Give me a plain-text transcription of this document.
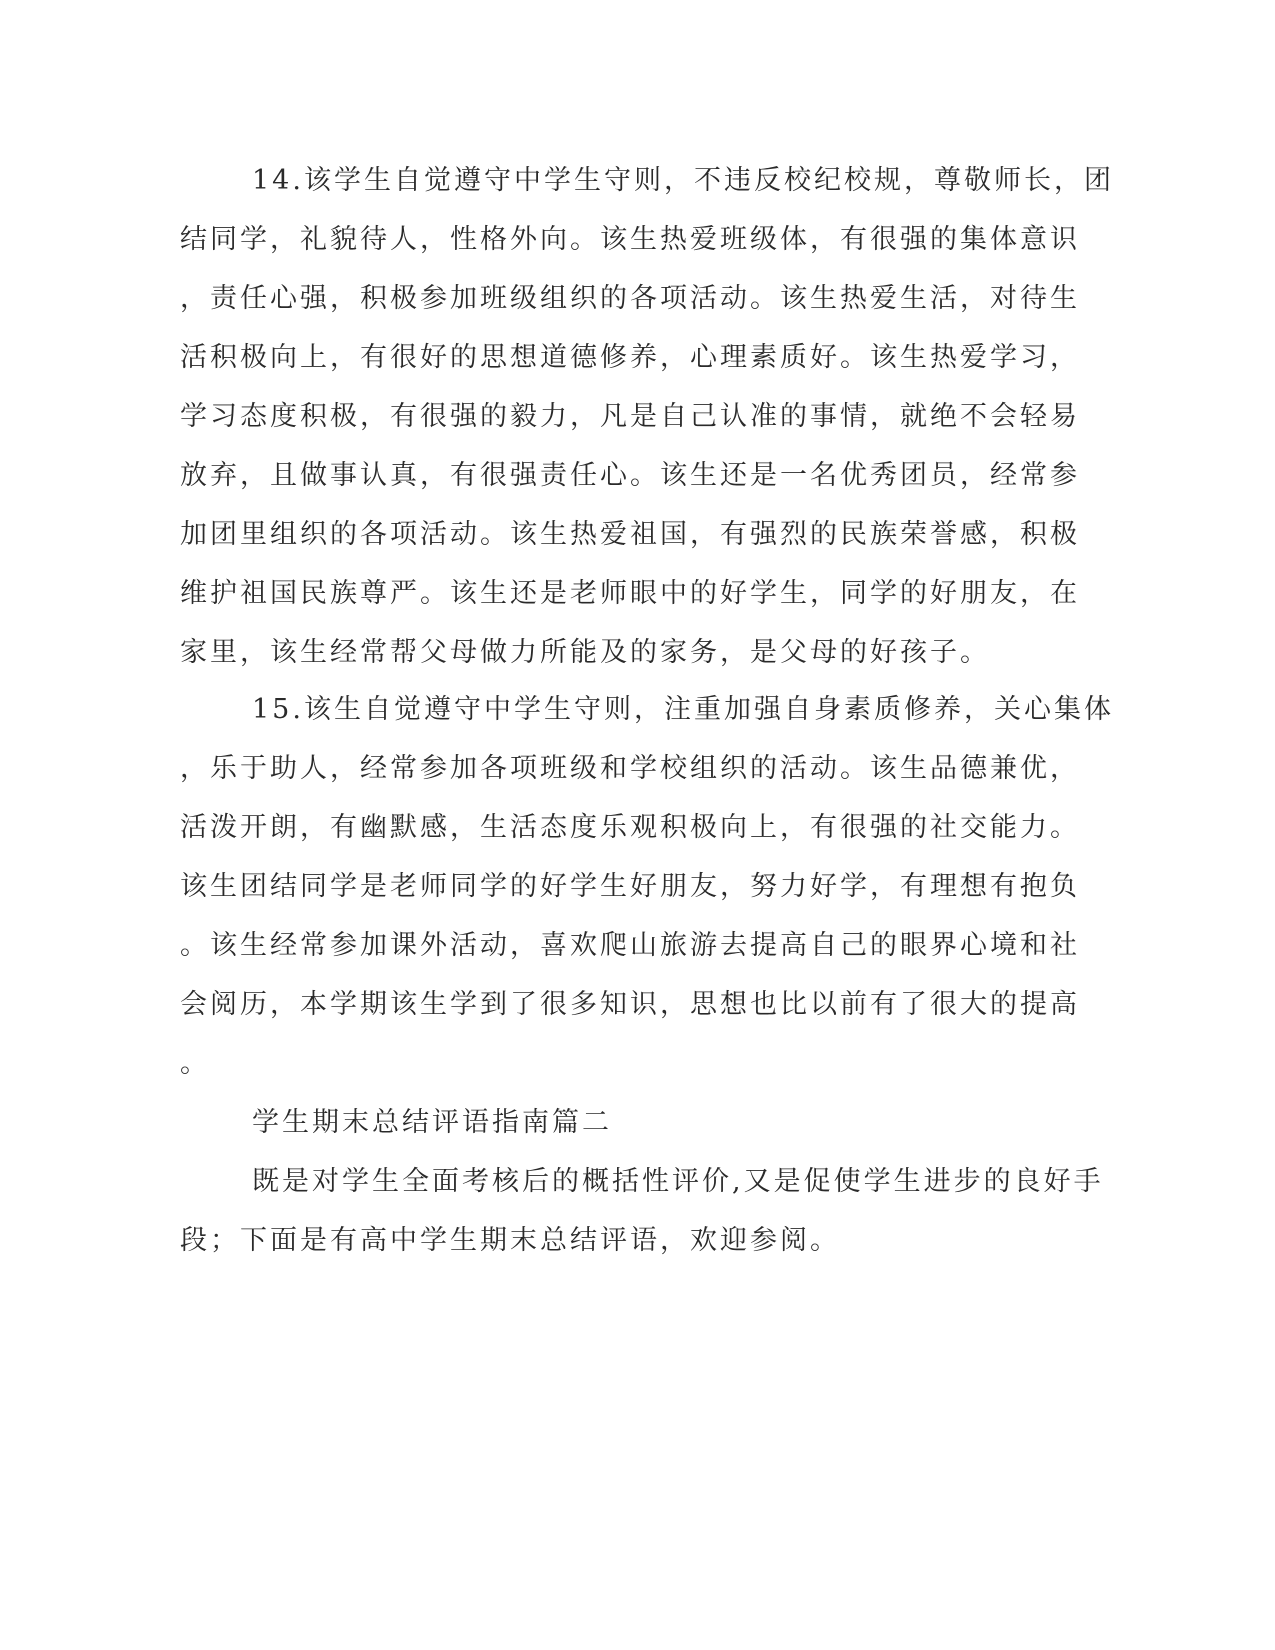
14.该学生自觉遵守中学生守则，不违反校纪校规，尊敬师长，团
结同学，礼貌待人，性格外向。该生热爱班级体，有很强的集体意识
，责任心强，积极参加班级组织的各项活动。该生热爱生活，对待生
活积极向上，有很好的思想道德修养，心理素质好。该生热爱学习，
学习态度积极，有很强的毅力，凡是自己认准的事情，就绝不会轻易
放弃，且做事认真，有很强责任心。该生还是一名优秀团员，经常参
加团里组织的各项活动。该生热爱祖国，有强烈的民族荣誉感，积极
维护祖国民族尊严。该生还是老师眼中的好学生，同学的好朋友，在
家里，该生经常帮父母做力所能及的家务，是父母的好孩子。
15.该生自觉遵守中学生守则，注重加强自身素质修养，关心集体
，乐于助人，经常参加各项班级和学校组织的活动。该生品德兼优，
活泼开朗，有幽默感，生活态度乐观积极向上，有很强的社交能力。
该生团结同学是老师同学的好学生好朋友，努力好学，有理想有抱负
。该生经常参加课外活动，喜欢爬山旅游去提高自己的眼界心境和社
会阅历，本学期该生学到了很多知识，思想也比以前有了很大的提高
。
学生期末总结评语指南篇二
既是对学生全面考核后的概括性评价,又是促使学生进步的良好手
段；下面是有高中学生期末总结评语，欢迎参阅。
